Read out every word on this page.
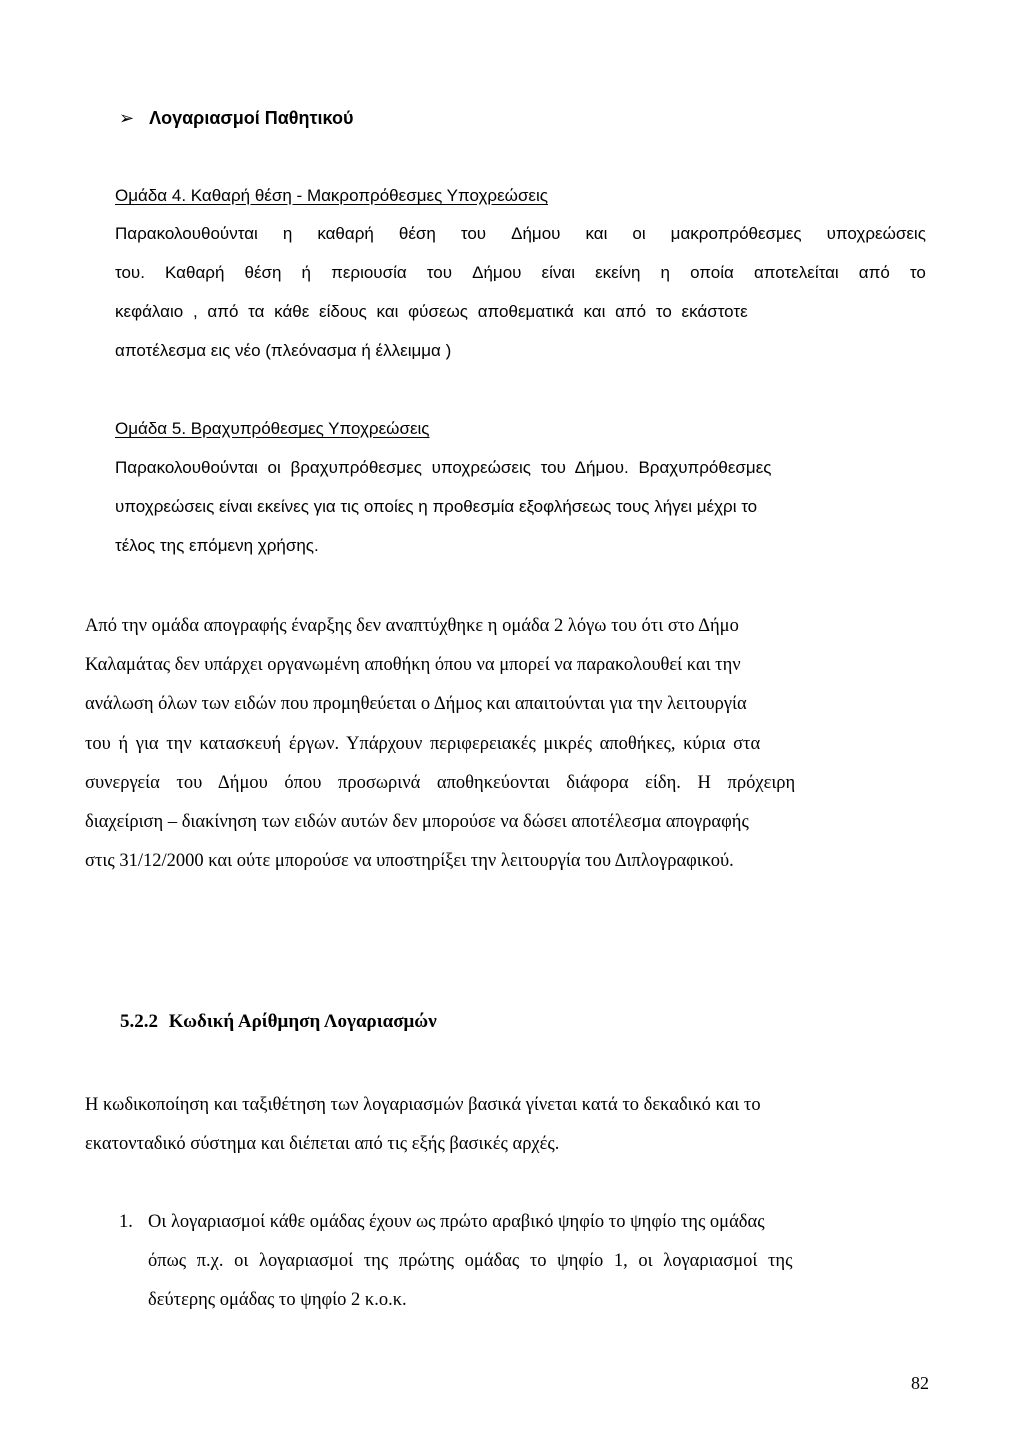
➢ Λογαριασμοί Παθητικού
Ομάδα 4. Καθαρή θέση - Μακροπρόθεσμες Υποχρεώσεις
Παρακολουθούνται η καθαρή θέση του Δήμου και οι μακροπρόθεσμες υποχρεώσεις
του. Καθαρή θέση ή περιουσία του Δήμου είναι εκείνη η οποία αποτελείται από το
κεφάλαιο , από τα κάθε είδους και φύσεως αποθεματικά και από το εκάστοτε
αποτέλεσμα εις νέο (πλεόνασμα ή έλλειμμα )
Ομάδα 5. Βραχυπρόθεσμες Υποχρεώσεις
Παρακολουθούνται οι βραχυπρόθεσμες υποχρεώσεις του Δήμου. Βραχυπρόθεσμες
υποχρεώσεις είναι εκείνες για τις οποίες η προθεσμία εξοφλήσεως τους λήγει μέχρι το
τέλος της επόμενη χρήσης.
Από την ομάδα απογραφής έναρξης δεν αναπτύχθηκε η ομάδα 2 λόγω του ότι στο Δήμο
Καλαμάτας δεν υπάρχει οργανωμένη αποθήκη όπου να μπορεί να παρακολουθεί και την
ανάλωση όλων των ειδών που προμηθεύεται ο Δήμος και απαιτούνται για την λειτουργία
του ή για την κατασκευή έργων. Υπάρχουν περιφερειακές μικρές αποθήκες, κύρια στα
συνεργεία του Δήμου όπου προσωρινά αποθηκεύονται διάφορα είδη. Η πρόχειρη
διαχείριση – διακίνηση των ειδών αυτών δεν μπορούσε να δώσει αποτέλεσμα απογραφής
στις 31/12/2000 και ούτε μπορούσε να υποστηρίξει την λειτουργία του Διπλογραφικού.
5.2.2 Κωδική Αρίθμηση Λογαριασμών
Η κωδικοποίηση και ταξιθέτηση των λογαριασμών βασικά γίνεται κατά το δεκαδικό και το
εκατονταδικό σύστημα και διέπεται από τις εξής βασικές αρχές.
1. Οι λογαριασμοί κάθε ομάδας έχουν ως πρώτο αραβικό ψηφίο το ψηφίο της ομάδας
όπως π.χ. οι λογαριασμοί της πρώτης ομάδας το ψηφίο 1, οι λογαριασμοί της
δεύτερης ομάδας το ψηφίο 2 κ.ο.κ.
82
